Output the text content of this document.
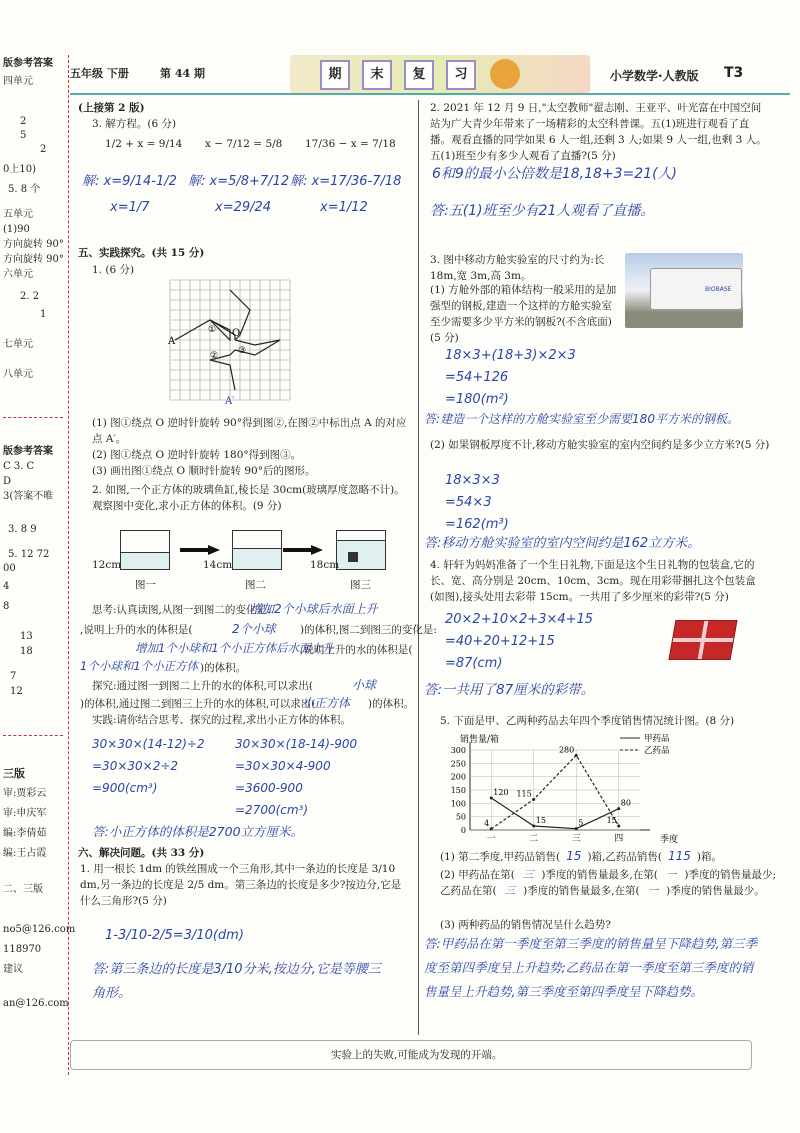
版参考答案
四单元
2
5
2
0上10)
5. 8 个
五单元
(1)90
方向旋转 90°
方向旋转 90°
六单元
2. 2
1
七单元
八单元
版参考答案
C 3. C
D
3(答案不唯
3. 8 9
5. 12 72
00
4
8
13
18
7
12
三版
审:贾彩云
审:申庆军
编:李倩茹
编:王占霞
二、三版
no5@126.com
118970
建议
an@126.com
五年级 下册	第 44 期	期	末	复	习	小学数学·人教版 T3
(上接第 2 版)
3. 解方程。(6 分)
1/2 + x = 9/14 x − 7/12 = 5/8 17/36 − x = 7/18
解: x=9/14-1/2 解: x=5/8+7/12 解: x=17/36-7/18
x=1/7	x=29/24	x=1/12
五、实践探究。(共 15 分)
1. (6 分)
A
O
①
② ③
A′
(1) 图①绕点 O 逆时针旋转 90°得到图②,在图②中标出点 A 的对应点 A′。
(2) 图①绕点 O 逆时针旋转 180°得到图③。
(3) 画出图①绕点 O 顺时针旋转 90°后的图形。
2. 如图,一个正方体的玻璃鱼缸,棱长是 30cm(玻璃厚度忽略不计)。观察图中变化,求小正方体的体积。(9 分)
12cm	14cm	18cm
图一	图二	图三
思考:认真读图,从图一到图二的变化是:
增加2个小球后水面上升
,说明上升的水的体积是(	2个小球 )的体积,图二到图三的变化是:
增加1个小球和1个小正方体后水面上升
,说明上升的水的体积是(
1个小球和1个小正方体 )的体积。
探究:通过图一到图二上升的水的体积,可以求出(	小球
)的体积,通过图二到图三上升的水的体积,可以求出(
小正方体 )的体积。
实践:请你结合思考、探究的过程,求出小正方体的体积。
30×30×(14-12)÷2
=30×30×2÷2
=900(cm³)
30×30×(18-14)-900
=30×30×4-900
=3600-900
=2700(cm³)
答:小正方体的体积是2700立方厘米。
六、解决问题。(共 33 分)
1. 用一根长 1dm 的铁丝围成一个三角形,其中一条边的长度是 3/10 dm,另一条边的长度是 2/5 dm。第三条边的长度是多少?按边分,它是什么三角形?(5 分)
1-3/10-2/5=3/10(dm)
答:第三条边的长度是3/10分米,按边分,它是等腰三角形。
2. 2021 年 12 月 9 日,"太空教师"翟志刚、王亚平、叶光富在中国空间站为广大青少年带来了一场精彩的太空科普课。五(1)班进行观看了直播。观看直播的同学如果 6 人一组,还剩 3 人;如果 9 人一组,也剩 3 人。五(1)班至少有多少人观看了直播?(5 分)
6和9的最小公倍数是18,18+3=21(人)
答:五(1)班至少有21人观看了直播。
3. 图中移动方舱实验室的尺寸约为:长 18m,宽 3m,高 3m。
(1) 方舱外部的箱体结构一般采用的是加强型的钢板,建造一个这样的方舱实验室至少需要多少平方米的钢板?(不含底面)(5 分)
BIOBASE
18×3+(18+3)×2×3
=54+126
=180(m²)
答:建造一个这样的方舱实验室至少需要180平方米的钢板。
(2) 如果钢板厚度不计,移动方舱实验室的室内空间约是多少立方米?(5 分)
18×3×3
=54×3
=162(m³)
答:移动方舱实验室的室内空间约是162立方米。
4. 轩轩为妈妈准备了一个生日礼物,下面是这个生日礼物的包装盒,它的长、宽、高分别是 20cm、10cm、3cm。现在用彩带捆扎这个包装盒(如图),接头处用去彩带 15cm。一共用了多少厘米的彩带?(5 分)
20×2+10×2+3×4+15
=40+20+12+15
=87(cm)
答:一共用了87厘米的彩带。
5. 下面是甲、乙两种药品去年四个季度销售情况统计图。(8 分)
销售量/箱
季度
0
50
100
150
200
250
300
一	二	三	四
120
15	5
80
4
115
280
15
甲药品
乙药品
(1) 第二季度,甲药品销售( 15 )箱,乙药品销售( 115 )箱。
(2) 甲药品在第( 三 )季度的销售量最多,在第( 一 )季度的销售量最少;乙药品在第( 三 )季度的销售量最多,在第( 一 )季度的销售量最少。
(3) 两种药品的销售情况呈什么趋势?
答:甲药品在第一季度至第三季度的销售量呈下降趋势,第三季度至第四季度呈上升趋势;乙药品在第一季度至第三季度的销售量呈上升趋势,第三季度至第四季度呈下降趋势。
实验上的失败,可能成为发现的开端。
